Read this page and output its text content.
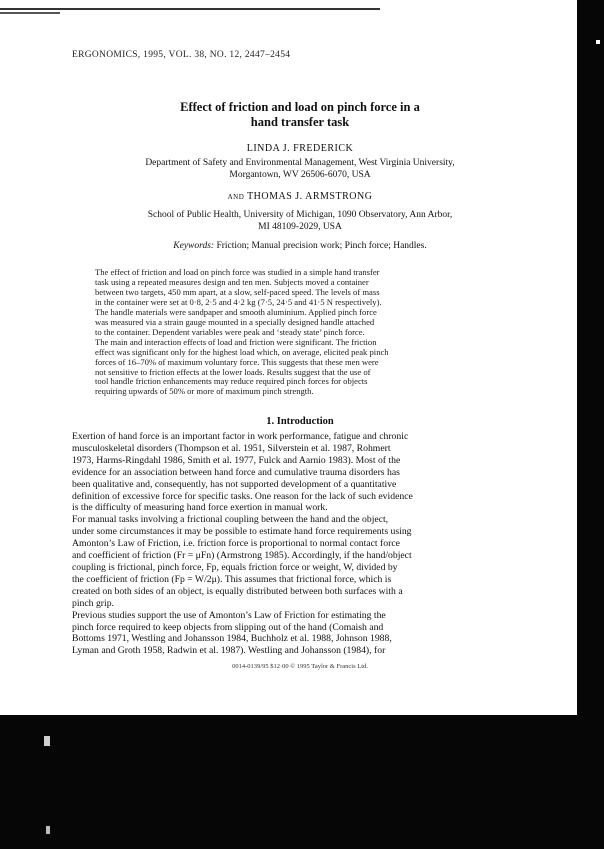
ERGONOMICS, 1995, VOL. 38, NO. 12, 2447–2454
Effect of friction and load on pinch force in a
hand transfer task
LINDA J. FREDERICK
Department of Safety and Environmental Management, West Virginia University,
Morgantown, WV 26506-6070, USA
and THOMAS J. ARMSTRONG
School of Public Health, University of Michigan, 1090 Observatory, Ann Arbor,
MI 48109-2029, USA
Keywords: Friction; Manual precision work; Pinch force; Handles.
The effect of friction and load on pinch force was studied in a simple hand transfer
task using a repeated measures design and ten men. Subjects moved a container
between two targets, 450 mm apart, at a slow, self-paced speed. The levels of mass
in the container were set at 0·8, 2·5 and 4·2 kg (7·5, 24·5 and 41·5 N respectively).
The handle materials were sandpaper and smooth aluminium. Applied pinch force
was measured via a strain gauge mounted in a specially designed handle attached
to the container. Dependent variables were peak and ‘steady state’ pinch force.
The main and interaction effects of load and friction were significant. The friction
effect was significant only for the highest load which, on average, elicited peak pinch
forces of 16–70% of maximum voluntary force. This suggests that these men were
not sensitive to friction effects at the lower loads. Results suggest that the use of
tool handle friction enhancements may reduce required pinch forces for objects
requiring upwards of 50% or more of maximum pinch strength.
1. Introduction
Exertion of hand force is an important factor in work performance, fatigue and chronic
musculoskeletal disorders (Thompson et al. 1951, Silverstein et al. 1987, Rohmert
1973, Harms-Ringdahl 1986, Smith et al. 1977, Fulck and Aarnio 1983). Most of the
evidence for an association between hand force and cumulative trauma disorders has
been qualitative and, consequently, has not supported development of a quantitative
definition of excessive force for specific tasks. One reason for the lack of such evidence
is the difficulty of measuring hand force exertion in manual work.
For manual tasks involving a frictional coupling between the hand and the object,
under some circumstances it may be possible to estimate hand force requirements using
Amonton’s Law of Friction, i.e. friction force is proportional to normal contact force
and coefficient of friction (Fr = μFn) (Armstrong 1985). Accordingly, if the hand/object
coupling is frictional, pinch force, Fp, equals friction force or weight, W, divided by
the coefficient of friction (Fp = W/2μ). This assumes that frictional force, which is
created on both sides of an object, is equally distributed between both surfaces with a
pinch grip.
Previous studies support the use of Amonton’s Law of Friction for estimating the
pinch force required to keep objects from slipping out of the hand (Comaish and
Bottoms 1971, Westling and Johansson 1984, Buchholz et al. 1988, Johnson 1988,
Lyman and Groth 1958, Radwin et al. 1987). Westling and Johansson (1984), for
0014-0139/95 $12·00 © 1995 Taylor & Francis Ltd.
